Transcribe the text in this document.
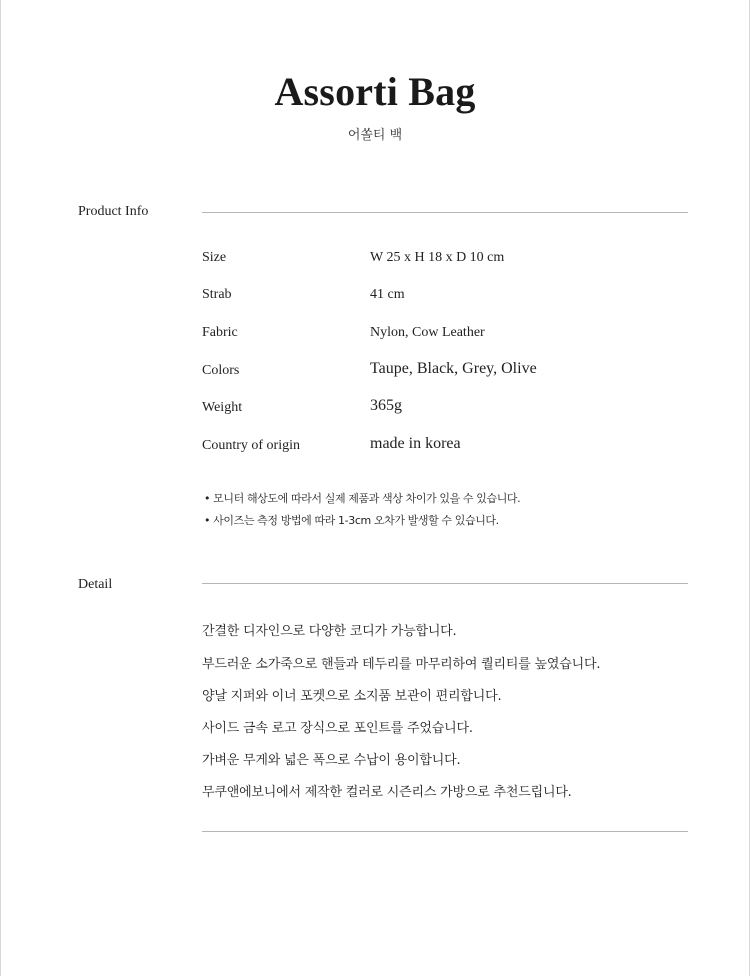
Assorti Bag
어쏠티 백
Product Info
Size	W 25 x H 18 x D 10 cm
Strab	41 cm
Fabric	Nylon, Cow Leather
Colors	Taupe, Black, Grey, Olive
Weight	365g
Country of origin	made in korea
• 모니터 해상도에 따라서 실제 제품과 색상 차이가 있을 수 있습니다.
• 사이즈는 측정 방법에 따라 1-3cm 오차가 발생할 수 있습니다.
Detail
간결한 디자인으로 다양한 코디가 가능합니다.
부드러운 소가죽으로 핸들과 테두리를 마무리하여 퀄리티를 높였습니다.
양날 지퍼와 이너 포켓으로 소지품 보관이 편리합니다.
사이드 금속 로고 장식으로 포인트를 주었습니다.
가벼운 무게와 넓은 폭으로 수납이 용이합니다.
무쿠앤에보니에서 제작한 컬러로 시즌리스 가방으로 추천드립니다.
